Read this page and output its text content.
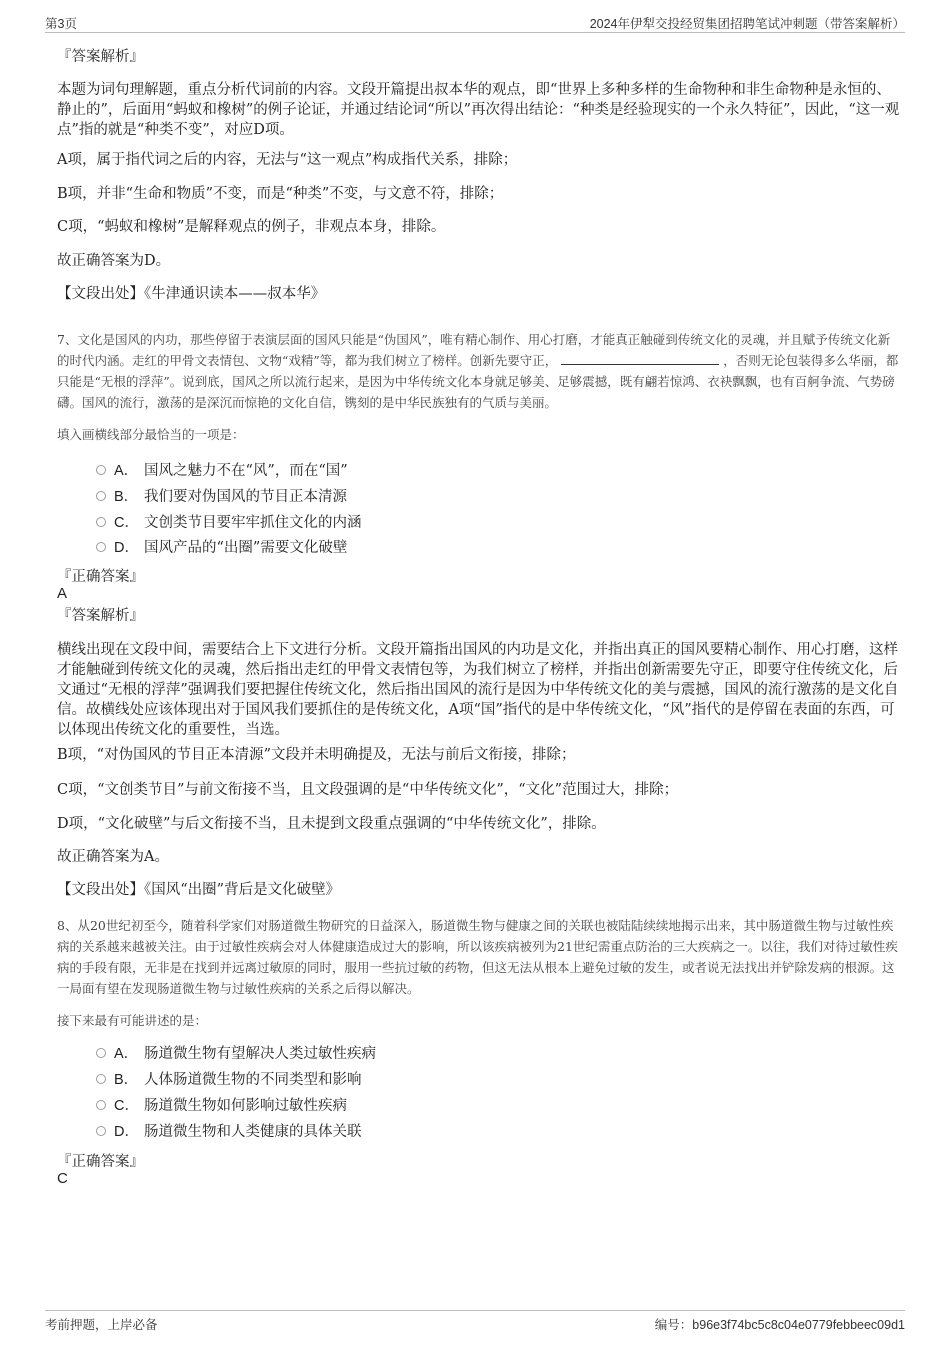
第3页	2024年伊犁交投经贸集团招聘笔试冲刺题（带答案解析）
『答案解析』
本题为词句理解题，重点分析代词前的内容。文段开篇提出叔本华的观点，即“世界上多种多样的生命物种和非生命物种是永恒的、静止的”，后面用“蚂蚁和橡树”的例子论证，并通过结论词“所以”再次得出结论：“种类是经验现实的一个永久特征”，因此，“这一观点”指的就是“种类不变”，对应D项。
A项，属于指代词之后的内容，无法与“这一观点”构成指代关系，排除；
B项，并非“生命和物质”不变，而是“种类”不变，与文意不符，排除；
C项，“蚂蚁和橡树”是解释观点的例子，非观点本身，排除。
故正确答案为D。
【文段出处】《牛津通识读本——叔本华》
7、文化是国风的内功，那些停留于表演层面的国风只能是“伪国风”，唯有精心制作、用心打磨，才能真正触碰到传统文化的灵魂，并且赋予传统文化新的时代内涵。走红的甲骨文表情包、文物“戏精”等，都为我们树立了榜样。创新先要守正，	，否则无论包装得多么华丽，都只能是“无根的浮萍”。说到底，国风之所以流行起来，是因为中华传统文化本身就足够美、足够震撼，既有翩若惊鸿、衣袂飘飘，也有百舸争流、气势磅礴。国风的流行，激荡的是深沉而惊艳的文化自信，镌刻的是中华民族独有的气质与美丽。
填入画横线部分最恰当的一项是：
A． 国风之魅力不在“风”，而在“国”
B． 我们要对伪国风的节目正本清源
C． 文创类节目要牢牢抓住文化的内涵
D． 国风产品的“出圈”需要文化破壁
『正确答案』
A
『答案解析』
横线出现在文段中间，需要结合上下文进行分析。文段开篇指出国风的内功是文化，并指出真正的国风要精心制作、用心打磨，这样才能触碰到传统文化的灵魂，然后指出走红的甲骨文表情包等，为我们树立了榜样，并指出创新需要先守正，即要守住传统文化，后文通过“无根的浮萍”强调我们要把握住传统文化，然后指出国风的流行是因为中华传统文化的美与震撼，国风的流行激荡的是文化自信。故横线处应该体现出对于国风我们要抓住的是传统文化，A项“国”指代的是中华传统文化，“风”指代的是停留在表面的东西，可以体现出传统文化的重要性，当选。
B项，“对伪国风的节目正本清源”文段并未明确提及，无法与前后文衔接，排除；
C项，“文创类节目”与前文衔接不当，且文段强调的是“中华传统文化”，“文化”范围过大，排除；
D项，“文化破壁”与后文衔接不当，且未提到文段重点强调的“中华传统文化”，排除。
故正确答案为A。
【文段出处】《国风“出圈”背后是文化破壁》
8、从20世纪初至今，随着科学家们对肠道微生物研究的日益深入，肠道微生物与健康之间的关联也被陆陆续续地揭示出来，其中肠道微生物与过敏性疾病的关系越来越被关注。由于过敏性疾病会对人体健康造成过大的影响，所以该疾病被列为21世纪需重点防治的三大疾病之一。以往，我们对待过敏性疾病的手段有限，无非是在找到并远离过敏原的同时，服用一些抗过敏的药物，但这无法从根本上避免过敏的发生，或者说无法找出并铲除发病的根源。这一局面有望在发现肠道微生物与过敏性疾病的关系之后得以解决。
接下来最有可能讲述的是：
A． 肠道微生物有望解决人类过敏性疾病
B． 人体肠道微生物的不同类型和影响
C． 肠道微生物如何影响过敏性疾病
D． 肠道微生物和人类健康的具体关联
『正确答案』
C
考前押题，上岸必备	编号：b96e3f74bc5c8c04e0779febbeec09d1
